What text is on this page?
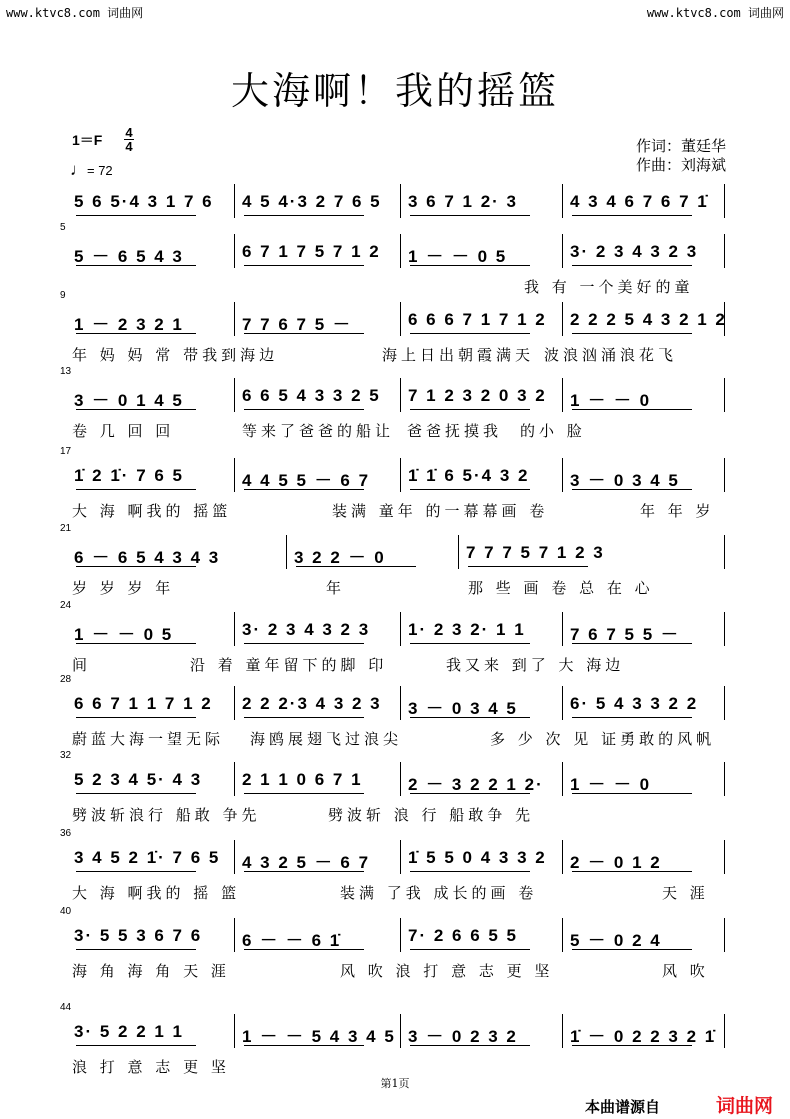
www.ktvc8.com 词曲网	www.ktvc8.com 词曲网
大海啊！我的摇篮
1＝F 4
4
♩= 72
作词：董廷华
作曲：刘海斌
5 6 5·4 3 1 7 6 4 5 4·3 2 7 6 5 3 6 7 1 2· 3	4 3 4 6 7 6 7 1̇
5
5 － 6 5 4 3	6 7 1 7 5 7 1 2 1 － － 0 5	3· 2 3 4 3 2 3
我 有 一个美好的童
9
1 － 2 3 2 1	7 7 6 7 5 －	6 6 6 7 1 7 1 2 2 2 2 5 4 3 2 1 2
年 妈 妈 常 带我到海边	海上日出朝霞满天 波浪汹涌浪花飞
13
3 － 0 1 4 5	6 6 5 4 3 3 2 5 7 1 2 3 2 0 3 2 1 － － 0
卷 几 回 回	等来了爸爸的船让 爸爸抚摸我 的小 脸
17
1̇ 2 1̇· 7 6 5	4 4 5 5 － 6 7 1̇ 1̇ 6 5·4 3 2 3 － 0 3 4 5
大 海 啊我的 摇篮	装满 童年 的一幕幕画 卷	年 年 岁
21
6 － 6 5 4 3 4 3	3 2 2 － 0	7 7 7 5 7 1 2 3
岁 岁 岁 年	年	那 些 画 卷 总 在 心
24
1 － － 0 5	3· 2 3 4 3 2 3 1· 2 3 2· 1 1	7 6 7 5 5 －
间	沿 着 童年留下的脚 印	我又来 到了 大 海边
28
6 6 7 1 1 7 1 2 2 2 2·3 4 3 2 3 3 － 0 3 4 5	6· 5 4 3 3 2 2
蔚蓝大海一望无际 海鸥展翅飞过浪尖	多 少 次 见 证勇敢的风帆
32
5 2 3 4 5· 4 3 2 1 1 0 6 7 1	2 － 3 2 2 1 2· 1 － － 0
劈波斩浪行 船敢 争先	劈波斩 浪 行 船敢争 先
36
3 4 5 2 1̇· 7 6 5 4 3 2 5 － 6 7 1̇ 5 5 0 4 3 3 2 2 － 0 1 2
大 海 啊我的 摇 篮	装满 了我 成长的画 卷	天 涯
40
3· 5 5 3 6 7 6 6 － － 6 1̇	7· 2 6 6 5 5	5 － 0 2 4
海 角 海 角 天 涯	风 吹 浪 打 意 志 更 坚	风 吹
44
3· 5 2 2 1 1	1 － － 5 4 3 4 5 3 － 0 2 3 2	1̇ － 0 2 2 3 2 1̇
浪 打 意 志 更 坚
第1页
本曲谱源自	词曲网
